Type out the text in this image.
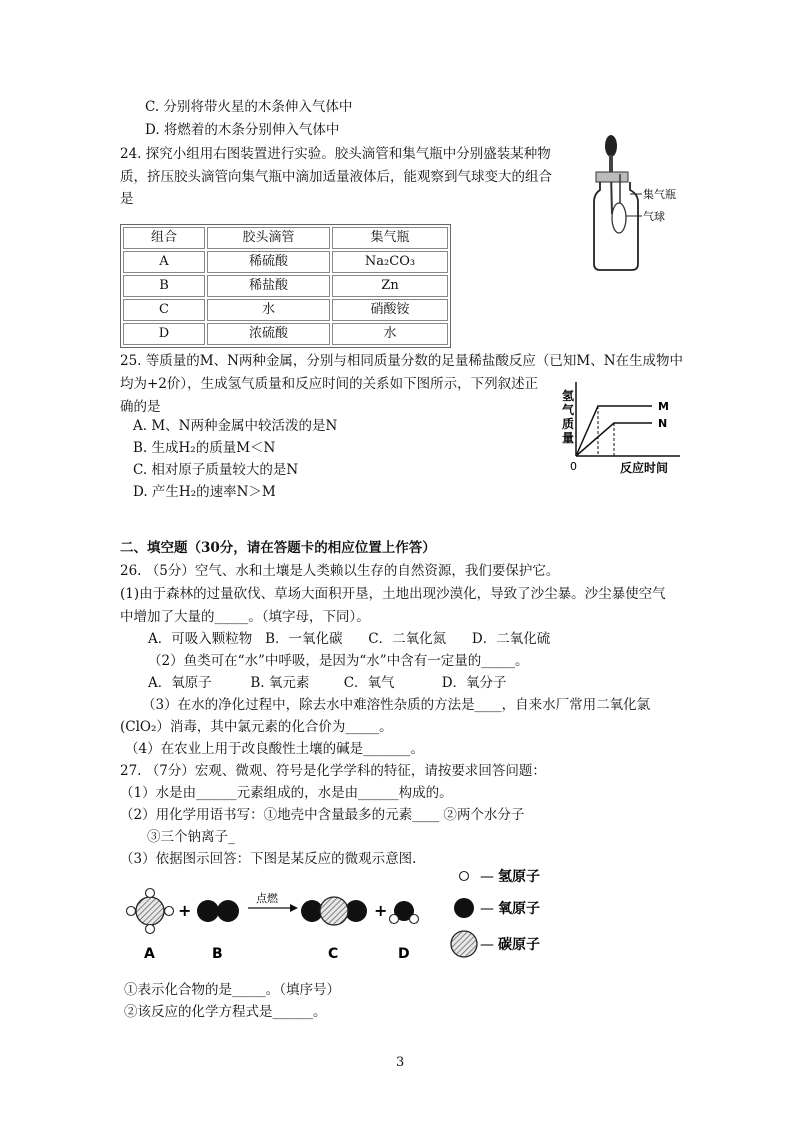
C. 分别将带火星的木条伸入气体中
D. 将燃着的木条分别伸入气体中
24. 探究小组用右图装置进行实验。胶头滴管和集气瓶中分别盛装某种物
质，挤压胶头滴管向集气瓶中滴加适量液体后，能观察到气球变大的组合
是	集气瓶
气球
组合	胶头滴管	集气瓶
A	稀硫酸	Na₂CO₃
B	稀盐酸	Zn
C	水	硝酸铵
D	浓硫酸	水
25. 等质量的M、N两种金属，分别与相同质量分数的足量稀盐酸反应（已知M、N在生成物中
均为+2价），生成氢气质量和反应时间的关系如下图所示，下列叙述正
确的是
A. M、N两种金属中较活泼的是N
B. 生成H₂的质量M＜N
C. 相对原子质量较大的是N
D. 产生H₂的速率N＞M
氢
气
质
量
M
N
0	反应时间
二、填空题（30分，请在答题卡的相应位置上作答）
26. （5分）空气、水和土壤是人类赖以生存的自然资源，我们要保护它。
(1)由于森林的过量砍伐、草场大面积开垦，土地出现沙漠化，导致了沙尘暴。沙尘暴使空气
中增加了大量的_____。（填字母，下同）。
A．可吸入颗粒物   B．一氧化碳      C．二氧化氮      D．二氧化硫
（2）鱼类可在“水”中呼吸，是因为“水”中含有一定量的_____。
A．氧原子         B. 氧元素        C．氧气           D．氧分子
（3）在水的净化过程中，除去水中难溶性杂质的方法是____，自来水厂常用二氧化氯
(ClO₂）消毒，其中氯元素的化合价为_____。
（4）在农业上用于改良酸性土壤的碱是_______。
27. （7分）宏观、微观、符号是化学学科的特征，请按要求回答问题：
（1）水是由______元素组成的，水是由______构成的。
（2）用化学用语书写：①地壳中含量最多的元素____ ②两个水分子
③三个钠离子_
（3）依据图示回答：下图是某反应的微观示意图.
+
点燃
+
A	B	C	D
— 氢原子
— 氧原子
— 碳原子
①表示化合物的是_____。（填序号）
②该反应的化学方程式是______。
3
